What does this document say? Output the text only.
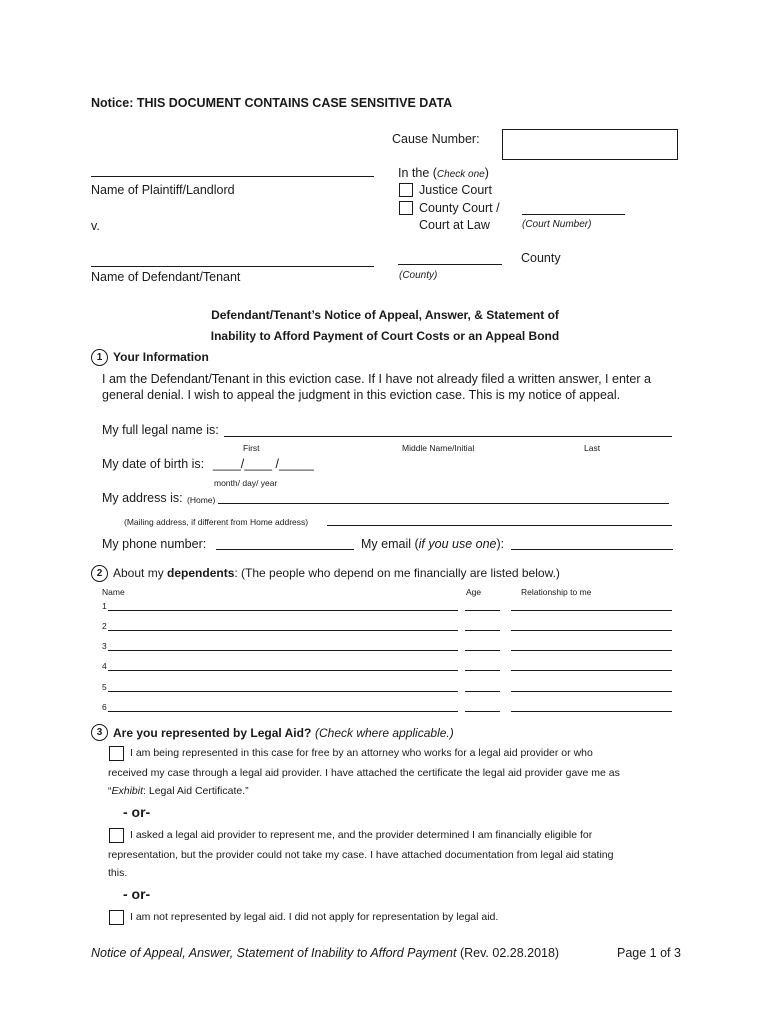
Notice: THIS DOCUMENT CONTAINS CASE SENSITIVE DATA
Cause Number:
Name of Plaintiff/Landlord
v.
Name of Defendant/Tenant
In the (Check one)
Justice Court
County Court /
Court at Law	(Court Number)
County
(County)
Defendant/Tenant’s Notice of Appeal, Answer, & Statement of
Inability to Afford Payment of Court Costs or an Appeal Bond
1 Your Information
I am the Defendant/Tenant in this eviction case. If I have not already filed a written answer, I enter a
general denial. I wish to appeal the judgment in this eviction case. This is my notice of appeal.
My full legal name is:
First	Middle Name/Initial	Last
My date of birth is: ____/____ /_____
month/ day/ year
My address is: (Home)
(Mailing address, if different from Home address)
My phone number:	My email (if you use one):
2 About my dependents: (The people who depend on me financially are listed below.)
Name	Age	Relationship to me
1
2
3
4
5
6
3 Are you represented by Legal Aid? (Check where applicable.)
I am being represented in this case for free by an attorney who works for a legal aid provider or who
received my case through a legal aid provider. I have attached the certificate the legal aid provider gave me as
“Exhibit: Legal Aid Certificate.”
- or-
I asked a legal aid provider to represent me, and the provider determined I am financially eligible for
representation, but the provider could not take my case. I have attached documentation from legal aid stating
this.
- or-
I am not represented by legal aid. I did not apply for representation by legal aid.
Notice of Appeal, Answer, Statement of Inability to Afford Payment (Rev. 02.28.2018)	Page 1 of 3
